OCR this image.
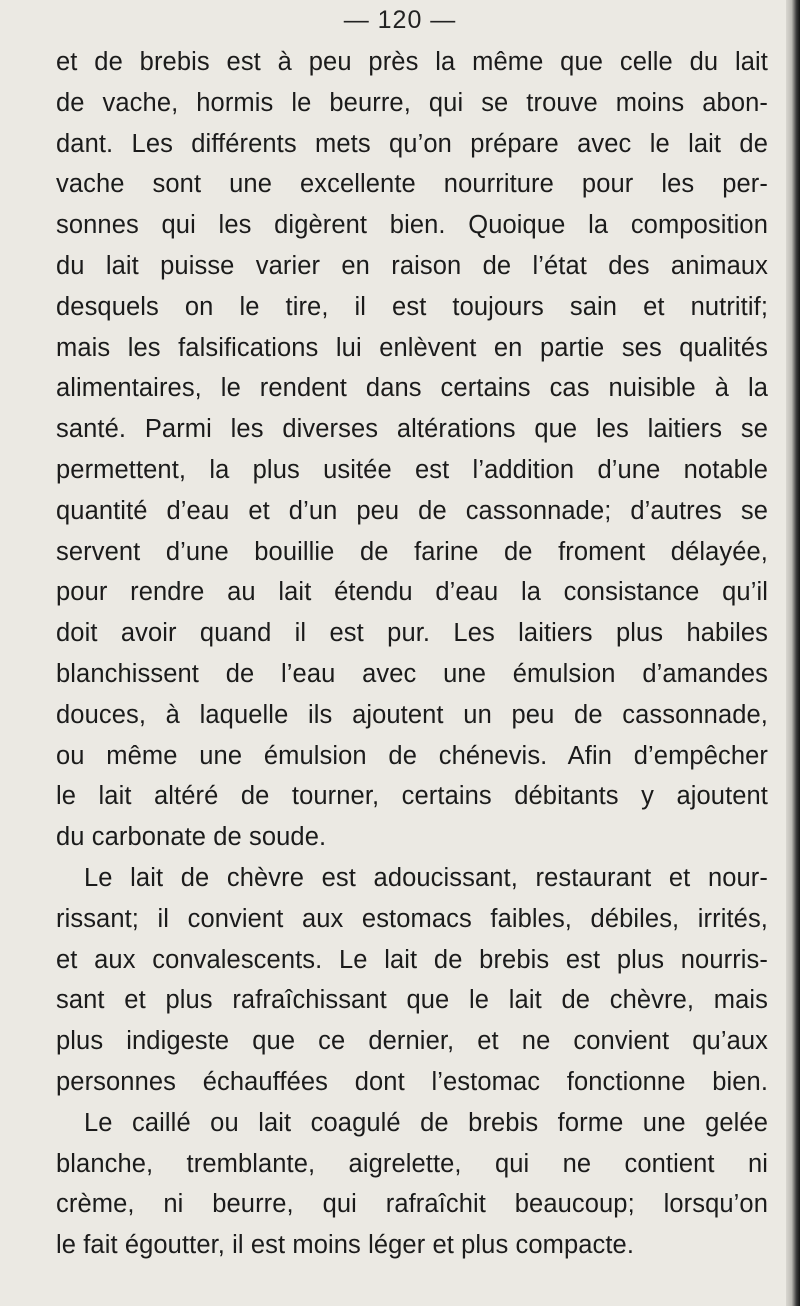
— 120 —
et de brebis est à peu près la même que celle du lait
de vache, hormis le beurre, qui se trouve moins abon-
dant. Les différents mets qu’on prépare avec le lait de
vache sont une excellente nourriture pour les per-
sonnes qui les digèrent bien. Quoique la composition
du lait puisse varier en raison de l’état des animaux
desquels on le tire, il est toujours sain et nutritif;
mais les falsifications lui enlèvent en partie ses qualités
alimentaires, le rendent dans certains cas nuisible à la
santé. Parmi les diverses altérations que les laitiers se
permettent, la plus usitée est l’addition d’une notable
quantité d’eau et d’un peu de cassonnade; d’autres se
servent d’une bouillie de farine de froment délayée,
pour rendre au lait étendu d’eau la consistance qu’il
doit avoir quand il est pur. Les laitiers plus habiles
blanchissent de l’eau avec une émulsion d’amandes
douces, à laquelle ils ajoutent un peu de cassonnade,
ou même une émulsion de chénevis. Afin d’empêcher
le lait altéré de tourner, certains débitants y ajoutent
du carbonate de soude.
Le lait de chèvre est adoucissant, restaurant et nour-
rissant; il convient aux estomacs faibles, débiles, irrités,
et aux convalescents. Le lait de brebis est plus nourris-
sant et plus rafraîchissant que le lait de chèvre, mais
plus indigeste que ce dernier, et ne convient qu’aux
personnes échauffées dont l’estomac fonctionne bien.
Le caillé ou lait coagulé de brebis forme une gelée
blanche, tremblante, aigrelette, qui ne contient ni
crème, ni beurre, qui rafraîchit beaucoup; lorsqu’on
le fait égoutter, il est moins léger et plus compacte.
